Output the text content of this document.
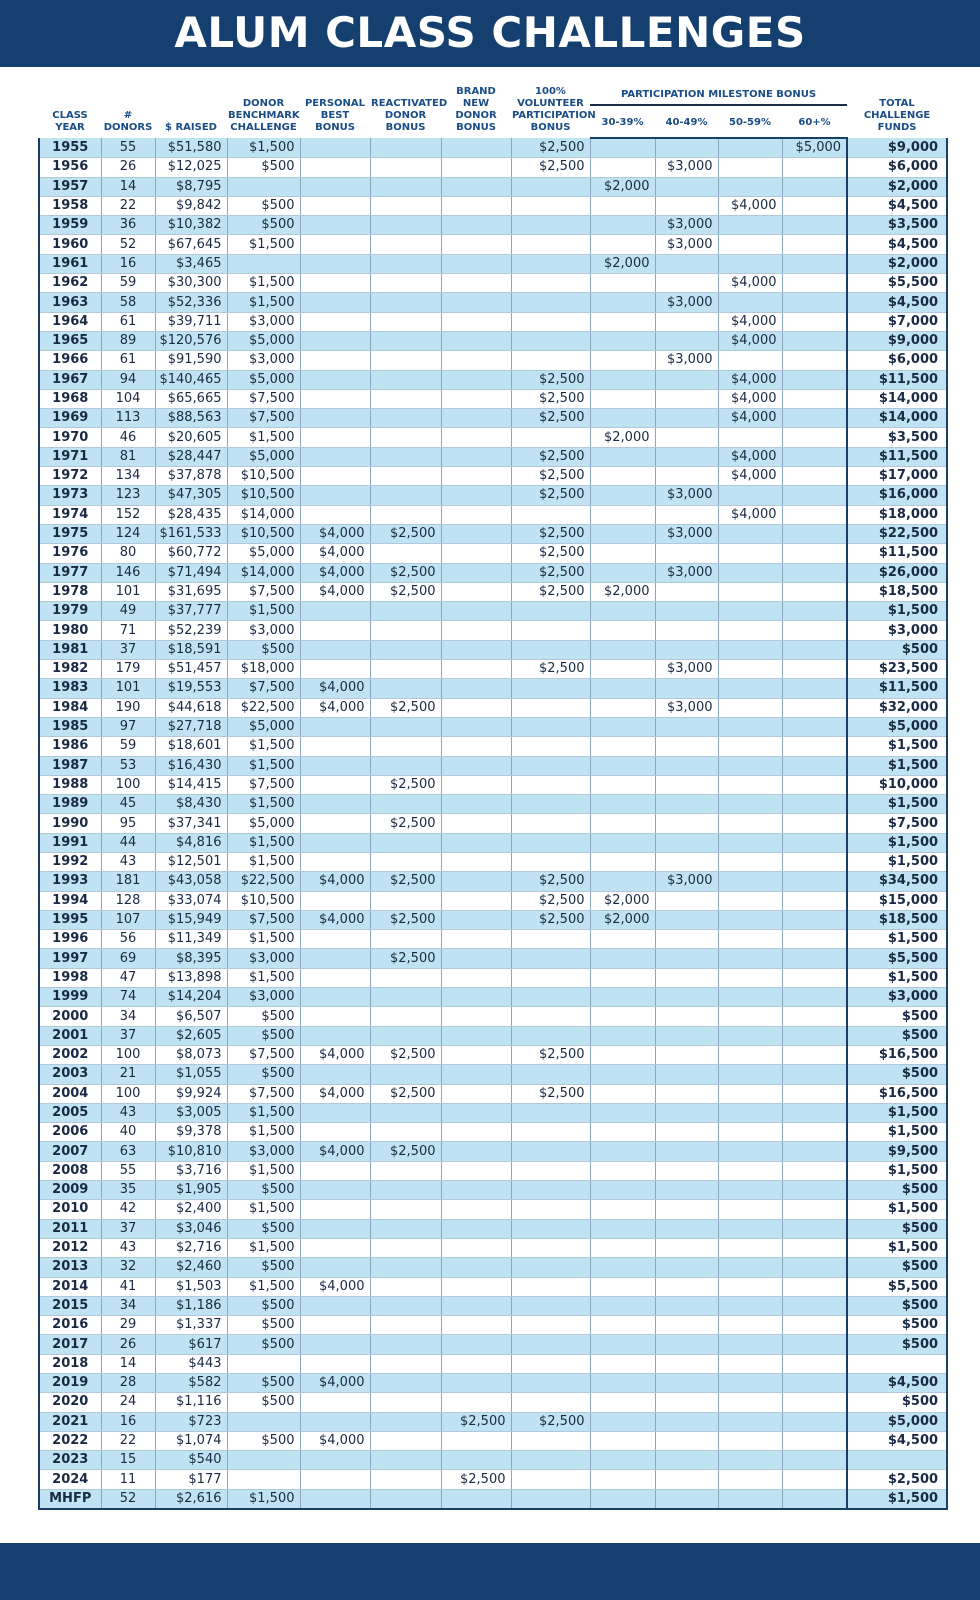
ALUM CLASS CHALLENGES
CLASS YEAR	# DONORS	$ RAISED	DONOR BENCHMARK CHALLENGE	PERSONAL BEST BONUS	REACTIVATED DONOR BONUS	BRAND NEW DONOR BONUS	100% VOLUNTEER PARTICIPATION BONUS	PARTICIPATION MILESTONE BONUS				TOTAL CHALLENGE FUNDS
								30-39%	40-49%	50-59%	60+%	
1955	55	$51,580	$1,500				$2,500				$5,000	$9,000
1956	26	$12,025	$500				$2,500		$3,000			$6,000
1957	14	$8,795						$2,000				$2,000
1958	22	$9,842	$500							$4,000		$4,500
1959	36	$10,382	$500						$3,000			$3,500
1960	52	$67,645	$1,500						$3,000			$4,500
1961	16	$3,465						$2,000				$2,000
1962	59	$30,300	$1,500							$4,000		$5,500
1963	58	$52,336	$1,500						$3,000			$4,500
1964	61	$39,711	$3,000							$4,000		$7,000
1965	89	$120,576	$5,000							$4,000		$9,000
1966	61	$91,590	$3,000						$3,000			$6,000
1967	94	$140,465	$5,000				$2,500			$4,000		$11,500
1968	104	$65,665	$7,500				$2,500			$4,000		$14,000
1969	113	$88,563	$7,500				$2,500			$4,000		$14,000
1970	46	$20,605	$1,500					$2,000				$3,500
1971	81	$28,447	$5,000				$2,500			$4,000		$11,500
1972	134	$37,878	$10,500				$2,500			$4,000		$17,000
1973	123	$47,305	$10,500				$2,500		$3,000			$16,000
1974	152	$28,435	$14,000							$4,000		$18,000
1975	124	$161,533	$10,500	$4,000	$2,500		$2,500		$3,000			$22,500
1976	80	$60,772	$5,000	$4,000			$2,500					$11,500
1977	146	$71,494	$14,000	$4,000	$2,500		$2,500		$3,000			$26,000
1978	101	$31,695	$7,500	$4,000	$2,500		$2,500	$2,000				$18,500
1979	49	$37,777	$1,500									$1,500
1980	71	$52,239	$3,000									$3,000
1981	37	$18,591	$500									$500
1982	179	$51,457	$18,000				$2,500		$3,000			$23,500
1983	101	$19,553	$7,500	$4,000								$11,500
1984	190	$44,618	$22,500	$4,000	$2,500				$3,000			$32,000
1985	97	$27,718	$5,000									$5,000
1986	59	$18,601	$1,500									$1,500
1987	53	$16,430	$1,500									$1,500
1988	100	$14,415	$7,500		$2,500							$10,000
1989	45	$8,430	$1,500									$1,500
1990	95	$37,341	$5,000		$2,500							$7,500
1991	44	$4,816	$1,500									$1,500
1992	43	$12,501	$1,500									$1,500
1993	181	$43,058	$22,500	$4,000	$2,500		$2,500		$3,000			$34,500
1994	128	$33,074	$10,500				$2,500	$2,000				$15,000
1995	107	$15,949	$7,500	$4,000	$2,500		$2,500	$2,000				$18,500
1996	56	$11,349	$1,500									$1,500
1997	69	$8,395	$3,000		$2,500							$5,500
1998	47	$13,898	$1,500									$1,500
1999	74	$14,204	$3,000									$3,000
2000	34	$6,507	$500									$500
2001	37	$2,605	$500									$500
2002	100	$8,073	$7,500	$4,000	$2,500		$2,500					$16,500
2003	21	$1,055	$500									$500
2004	100	$9,924	$7,500	$4,000	$2,500		$2,500					$16,500
2005	43	$3,005	$1,500									$1,500
2006	40	$9,378	$1,500									$1,500
2007	63	$10,810	$3,000	$4,000	$2,500							$9,500
2008	55	$3,716	$1,500									$1,500
2009	35	$1,905	$500									$500
2010	42	$2,400	$1,500									$1,500
2011	37	$3,046	$500									$500
2012	43	$2,716	$1,500									$1,500
2013	32	$2,460	$500									$500
2014	41	$1,503	$1,500	$4,000								$5,500
2015	34	$1,186	$500									$500
2016	29	$1,337	$500									$500
2017	26	$617	$500									$500
2018	14	$443										
2019	28	$582	$500	$4,000								$4,500
2020	24	$1,116	$500									$500
2021	16	$723				$2,500	$2,500					$5,000
2022	22	$1,074	$500	$4,000								$4,500
2023	15	$540										
2024	11	$177				$2,500						$2,500
MHFP	52	$2,616	$1,500									$1,500
